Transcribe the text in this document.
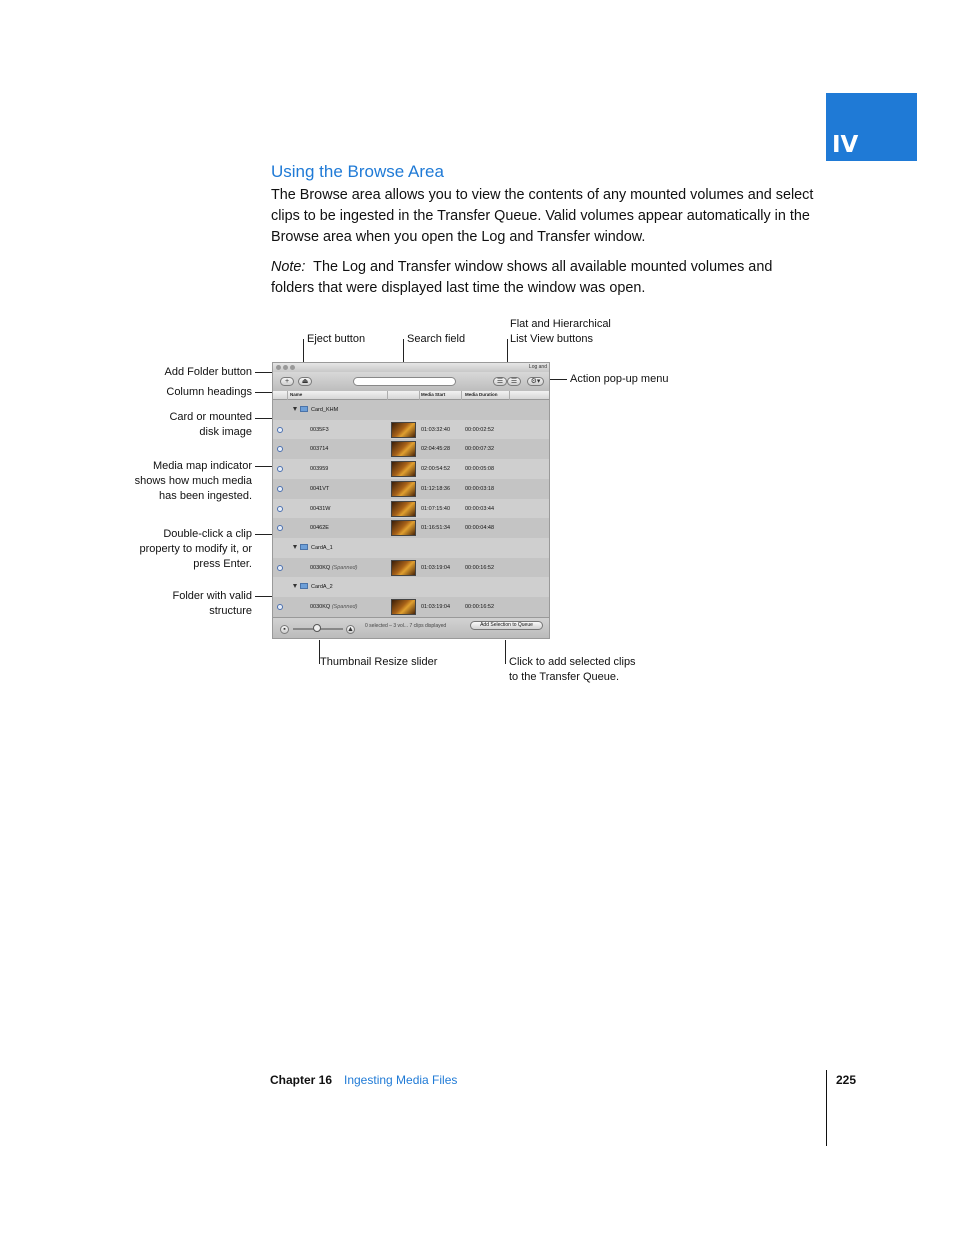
IV
Using the Browse Area

The Browse area allows you to view the contents of any mounted volumes and select clips to be ingested in the Transfer Queue. Valid volumes appear automatically in the Browse area when you open the Log and Transfer window.

Note: The Log and Transfer window shows all available mounted volumes and folders that were displayed last time the window was open.

Eject button	Search field
Flat and Hierarchical
List View buttons
Add Folder button
Action pop-up menu
Column headings
Card or mounted
disk image
Media map indicator
shows how much media
has been ingested.
Double-click a clip
property to modify it, or
press Enter.
Folder with valid
structure
Thumbnail Resize slider	Click to add selected clips
to the Transfer Queue.
Log and
+	⏏	☰	☰	⚙▾
Name	Media Start	Media Duration
Card_KHM
0035F3	01:03:32:40	00:00:02:52
003714	02:04:45:28	00:00:07:32
003959	02:00:54:52	00:00:05:08
0041VT	01:12:18:36	00:00:03:18
00431W	01:07:15:40	00:00:03:44
00462E	01:16:51:34	00:00:04:48
CardA_1
0030KQ (Spanned)	01:03:19:04	00:00:16:52
CardA_2
0030KQ (Spanned)	01:03:19:04	00:00:16:52
▪	▲ 0 selected – 3 vol... 7 clips displayed	Add Selection to Queue
Chapter 16 Ingesting Media Files	225
